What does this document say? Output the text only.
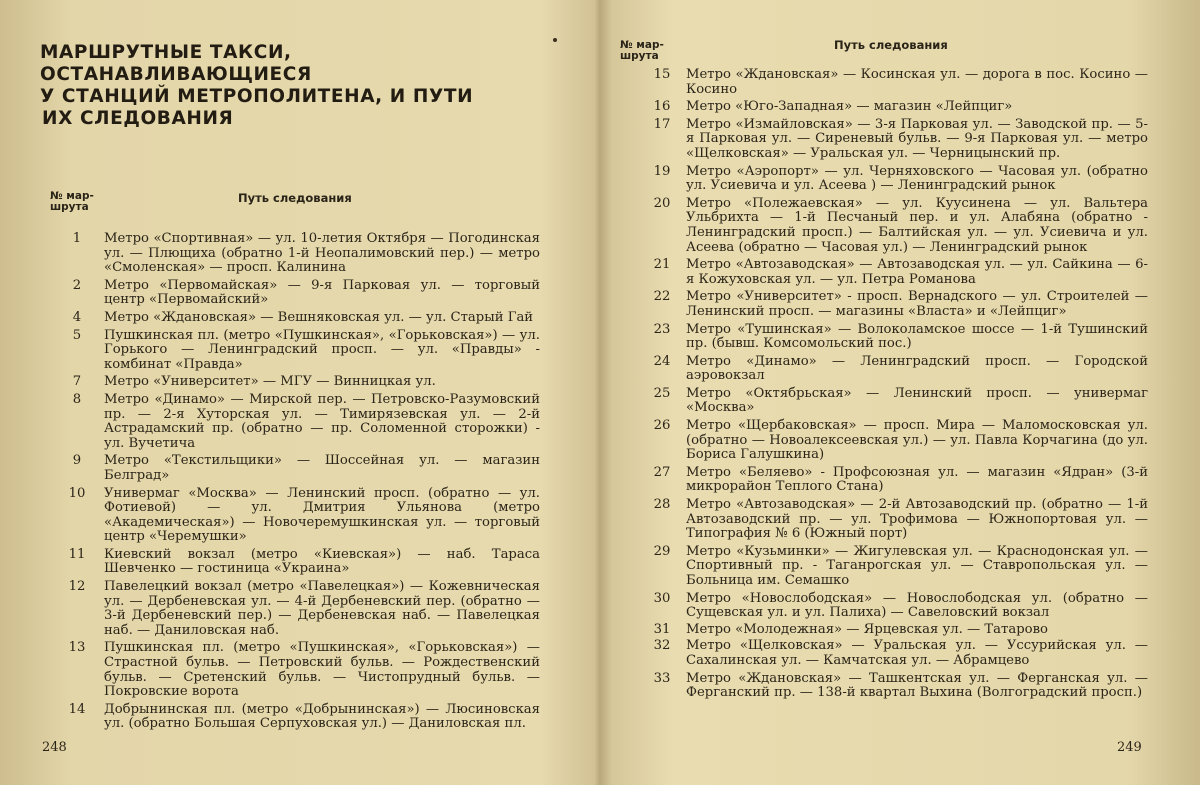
МАРШРУТНЫЕ ТАКСИ, ОСТАНАВЛИВАЮЩИЕСЯ
У СТАНЦИЙ МЕТРОПОЛИТЕНА, И ПУТИ
ИХ СЛЕДОВАНИЯ
№ мар-
шрута
Путь следования
1	Метро «Спортивная» — ул. 10-летия Октября — Погодинская ул. — Плющиха (обратно 1-й Неопалимовский пер.) — метро «Смоленская» — просп. Калинина
2	Метро «Первомайская» — 9-я Парковая ул. — торговый центр «Первомайский»
4	Метро «Ждановская» — Вешняковская ул. — ул. Старый Гай
5	Пушкинская пл. (метро «Пушкинская», «Горьковская») — ул. Горького — Ленинградский просп. — ул. «Правды» - комбинат «Правда»
7	Метро «Университет» — МГУ — Винницкая ул.
8	Метро «Динамо» — Мирской пер. — Петровско-Разумовский пр. — 2-я Хуторская ул. — Тимирязевская ул. — 2-й Астрадамский пр. (обратно — пр. Соломенной сторожки) - ул. Вучетича
9	Метро «Текстильщики» — Шоссейная ул. — магазин Белград»
10	Универмаг «Москва» — Ленинский просп. (обратно — ул. Фотиевой) — ул. Дмитрия Ульянова (метро «Академическая») — Новочеремушкинская ул. — торговый центр «Черемушки»
11	Киевский вокзал (метро «Киевская») — наб. Тараса Шевченко — гостиница «Украина»
12	Павелецкий вокзал (метро «Павелецкая») — Кожевническая ул. — Дербеневская ул. — 4-й Дербеневский пер. (обратно — 3-й Дербеневский пер.) — Дербеневская наб. — Павелецкая наб. — Даниловская наб.
13	Пушкинская пл. (метро «Пушкинская», «Горьковская») — Страстной бульв. — Петровский бульв. — Рождественский бульв. — Сретенский бульв. — Чистопрудный бульв. — Покровские ворота
14	Добрынинская пл. (метро «Добрынинская») — Люсиновская ул. (обратно Большая Серпуховская ул.) — Даниловская пл.
248
№ мар-
шрута
Путь следования
15	Метро «Ждановская» — Косинская ул. — дорога в пос. Косино — Косино
16	Метро «Юго-Западная» — магазин «Лейпциг»
17	Метро «Измайловская» — 3-я Парковая ул. — Заводской пр. — 5-я Парковая ул. — Сиреневый бульв. — 9-я Парковая ул. — метро «Щелковская» — Уральская ул. — Черницынский пр.
19	Метро «Аэропорт» — ул. Черняховского — Часовая ул. (обратно ул. Усиевича и ул. Асеева ) — Ленинградский рынок
20	Метро «Полежаевская» — ул. Куусинена — ул. Вальтера Ульбрихта — 1-й Песчаный пер. и ул. Алабяна (обратно - Ленинградский просп.) — Балтийская ул. — ул. Усиевича и ул. Асеева (обратно — Часовая ул.) — Ленинградский рынок
21	Метро «Автозаводская» — Автозаводская ул. — ул. Сайкина — 6-я Кожуховская ул. — ул. Петра Романова
22	Метро «Университет» - просп. Вернадского — ул. Строителей — Ленинский просп. — магазины «Власта» и «Лейпциг»
23	Метро «Тушинская» — Волоколамское шоссе — 1-й Тушинский пр. (бывш. Комсомольский пос.)
24	Метро «Динамо» — Ленинградский просп. — Городской аэровокзал
25	Метро «Октябрьская» — Ленинский просп. — универмаг «Москва»
26	Метро «Щербаковская» — просп. Мира — Маломосковская ул. (обратно — Новоалексеевская ул.) — ул. Павла Корчагина (до ул. Бориса Галушкина)
27	Метро «Беляево» - Профсоюзная ул. — магазин «Ядран» (3-й микрорайон Теплого Стана)
28	Метро «Автозаводская» — 2-й Автозаводский пр. (обратно — 1-й Автозаводский пр. — ул. Трофимова — Южнопортовая ул. — Типография № 6 (Южный порт)
29	Метро «Кузьминки» — Жигулевская ул. — Краснодонская ул. — Спортивный пр. - Таганрогская ул. — Ставропольская ул. — Больница им. Семашко
30	Метро «Новослободская» — Новослободская ул. (обратно — Сущевская ул. и ул. Палиха) — Савеловский вокзал
31	Метро «Молодежная» — Ярцевская ул. — Татарово
32	Метро «Щелковская» — Уральская ул. — Уссурийская ул. — Сахалинская ул. — Камчатская ул. — Абрамцево
33	Метро «Ждановская» — Ташкентская ул. — Ферганская ул. — Ферганский пр. — 138-й квартал Выхина (Волгоградский просп.)
249
